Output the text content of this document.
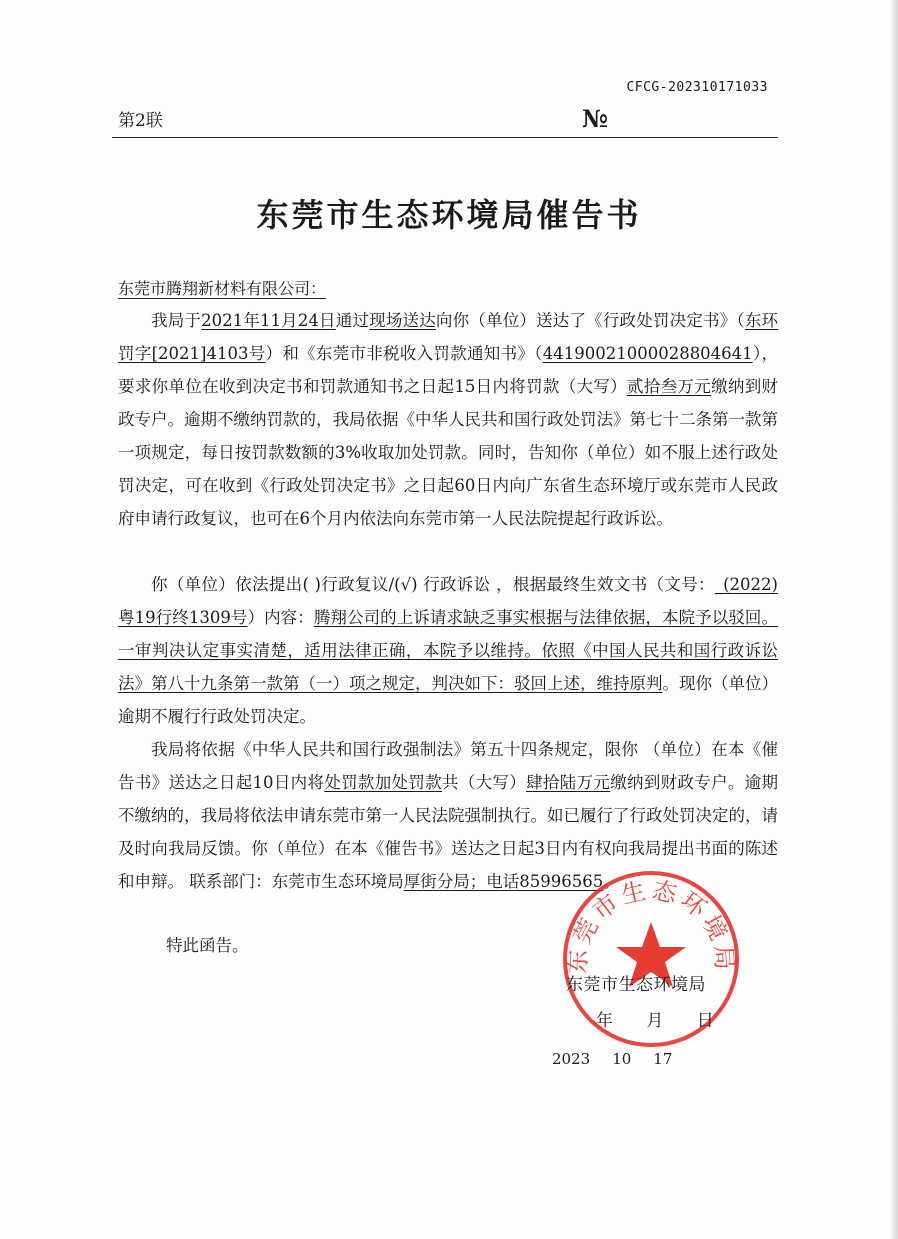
CFCG-202310171033
第2联	№
东莞市生态环境局催告书
东莞市腾翔新材料有限公司：
我局于2021年11月24日通过现场送达向你（单位）送达了《行政处罚决定书》（东环罚字[2021]4103号）和《东莞市非税收入罚款通知书》（44190021000028804641），要求你单位在收到决定书和罚款通知书之日起15日内将罚款（大写）贰拾叁万元缴纳到财政专户。逾期不缴纳罚款的，我局依据《中华人民共和国行政处罚法》第七十二条第一款第一项规定，每日按罚款数额的3%收取加处罚款。同时，告知你（单位）如不服上述行政处罚决定，可在收到《行政处罚决定书》之日起60日内向广东省生态环境厅或东莞市人民政府申请行政复议，也可在6个月内依法向东莞市第一人民法院提起行政诉讼。
你（单位）依法提出( )行政复议/(√) 行政诉讼 ，根据最终生效文书（文号：_(2022)粤19行终1309号）内容：腾翔公司的上诉请求缺乏事实根据与法律依据，本院予以驳回。一审判决认定事实清楚，适用法律正确，本院予以维持。依照《中国人民共和国行政诉讼法》第八十九条第一款第（一）项之规定，判决如下：驳回上述，维持原判。现你（单位）逾期不履行行政处罚决定。
我局将依据《中华人民共和国行政强制法》第五十四条规定，限你 （单位）在本《催告书》送达之日起10日内将处罚款加处罚款共（大写）肆拾陆万元缴纳到财政专户。逾期不缴纳的，我局将依法申请东莞市第一人民法院强制执行。如已履行了行政处罚决定的，请及时向我局反馈。你（单位）在本《催告书》送达之日起3日内有权向我局提出书面的陈述和申辩。 联系部门：东莞市生态环境局厚街分局；电话85996565。
特此函告。	东莞市生态环境局
东莞市生态环境局
年 月 日
2023 10 17
